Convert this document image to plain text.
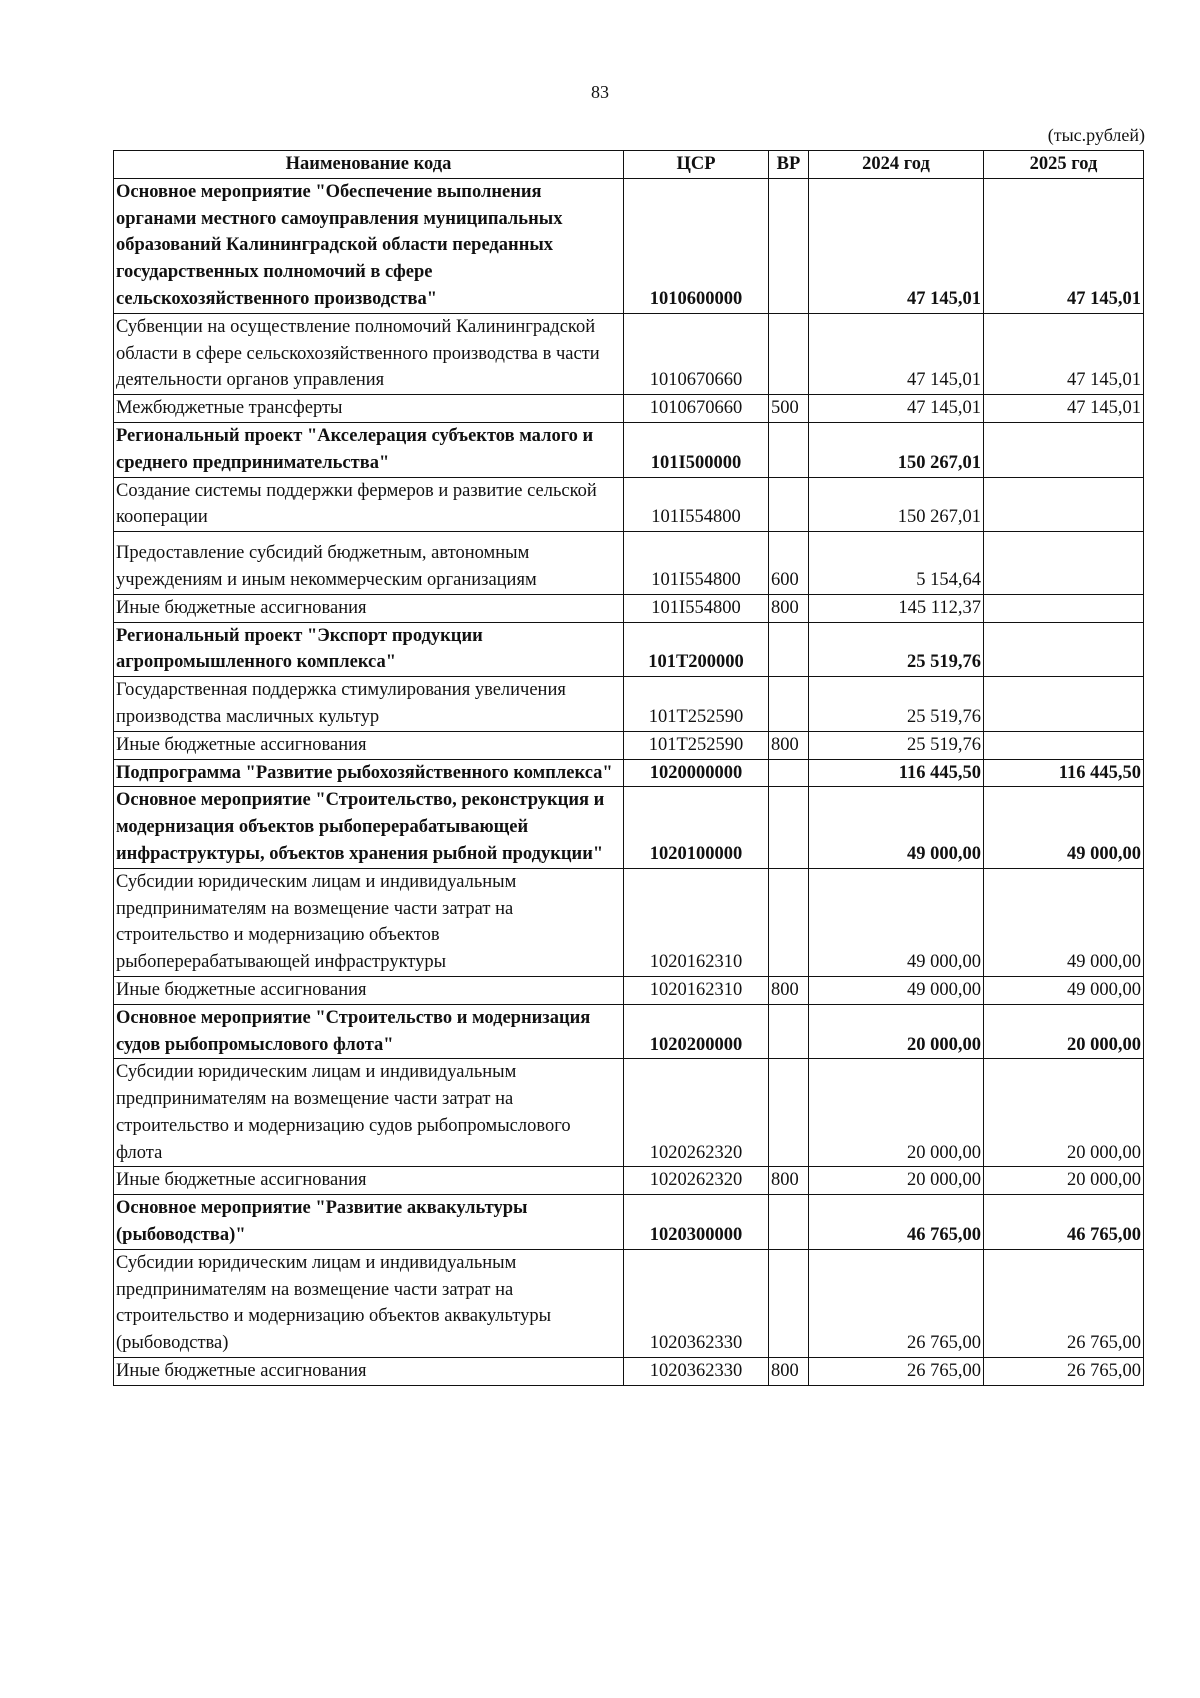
83
(тыс.рублей)
Наименование кода	ЦСР	ВР	2024 год	2025 год
Основное мероприятие "Обеспечение выполнения органами местного самоуправления муниципальных образований Калининградской области переданных государственных полномочий в сфере сельскохозяйственного производства"	1010600000		47 145,01	47 145,01
Субвенции на осуществление полномочий Калининградской области в сфере сельскохозяйственного производства в части деятельности органов управления	1010670660		47 145,01	47 145,01
Межбюджетные трансферты	1010670660	500	47 145,01	47 145,01
Региональный проект "Акселерация субъектов малого и среднего предпринимательства"	101I500000		150 267,01	
Создание системы поддержки фермеров и развитие сельской кооперации	101I554800		150 267,01	
Предоставление субсидий бюджетным, автономным учреждениям и иным некоммерческим организациям	101I554800	600	5 154,64	
Иные бюджетные ассигнования	101I554800	800	145 112,37	
Региональный проект "Экспорт продукции агропромышленного комплекса"	101T200000		25 519,76	
Государственная поддержка стимулирования увеличения производства масличных культур	101T252590		25 519,76	
Иные бюджетные ассигнования	101T252590	800	25 519,76	
Подпрограмма "Развитие рыбохозяйственного комплекса"	1020000000		116 445,50	116 445,50
Основное мероприятие "Строительство, реконструкция и модернизация объектов рыбоперерабатывающей инфраструктуры, объектов хранения рыбной продукции"	1020100000		49 000,00	49 000,00
Субсидии юридическим лицам и индивидуальным предпринимателям на возмещение части затрат на строительство и модернизацию объектов рыбоперерабатывающей инфраструктуры	1020162310		49 000,00	49 000,00
Иные бюджетные ассигнования	1020162310	800	49 000,00	49 000,00
Основное мероприятие "Строительство и модернизация судов рыбопромыслового флота"	1020200000		20 000,00	20 000,00
Субсидии юридическим лицам и индивидуальным предпринимателям на возмещение части затрат на строительство и модернизацию судов рыбопромыслового флота	1020262320		20 000,00	20 000,00
Иные бюджетные ассигнования	1020262320	800	20 000,00	20 000,00
Основное мероприятие "Развитие аквакультуры (рыбоводства)"	1020300000		46 765,00	46 765,00
Субсидии юридическим лицам и индивидуальным предпринимателям на возмещение части затрат на строительство и модернизацию объектов аквакультуры (рыбоводства)	1020362330		26 765,00	26 765,00
Иные бюджетные ассигнования	1020362330	800	26 765,00	26 765,00
